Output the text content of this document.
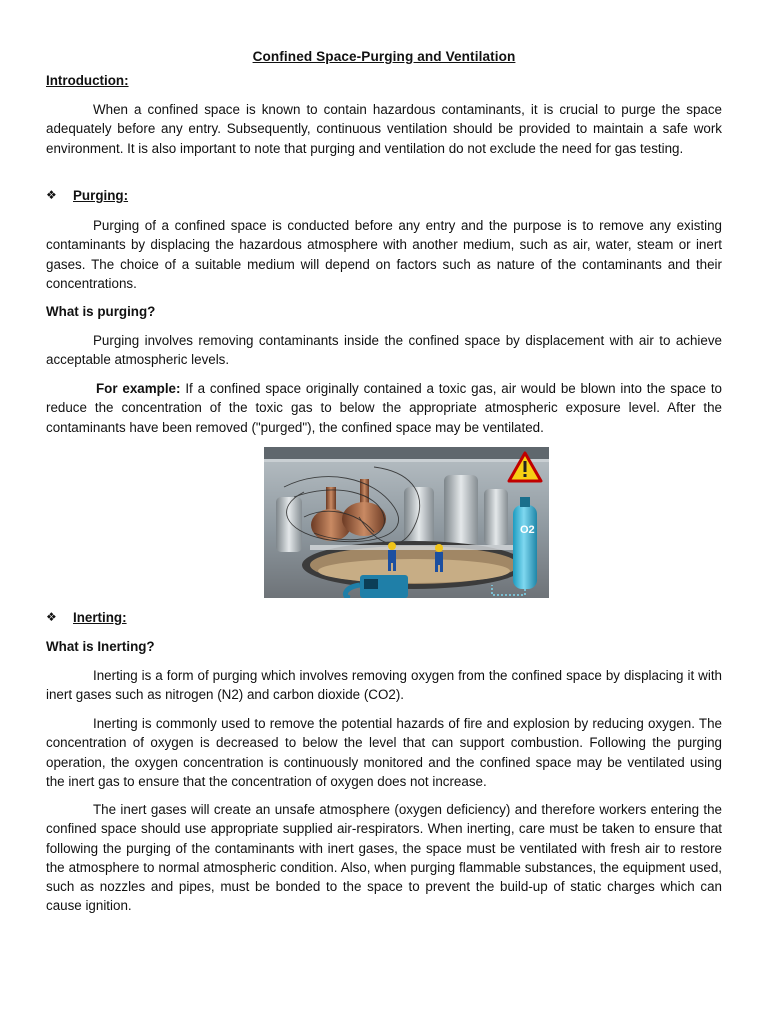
Confined Space-Purging and Ventilation
Introduction:
When a confined space is known to contain hazardous contaminants, it is crucial to purge the space adequately before any entry. Subsequently, continuous ventilation should be provided to maintain a safe work environment. It is also important to note that purging and ventilation do not exclude the need for gas testing.
❖	Purging:
Purging of a confined space is conducted before any entry and the purpose is to remove any existing contaminants by displacing the hazardous atmosphere with another medium, such as air, water, steam or inert gases. The choice of a suitable medium will depend on factors such as nature of the contaminants and their concentrations.
What is purging?
Purging involves removing contaminants inside the confined space by displacement with air to achieve acceptable atmospheric levels.
For example: If a confined space originally contained a toxic gas, air would be blown into the space to reduce the concentration of the toxic gas to below the appropriate atmospheric exposure level. After the contaminants have been removed ("purged"), the confined space may be ventilated.
O2
❖	Inerting:
What is Inerting?
Inerting is a form of purging which involves removing oxygen from the confined space by displacing it with inert gases such as nitrogen (N2) and carbon dioxide (CO2).
Inerting is commonly used to remove the potential hazards of fire and explosion by reducing oxygen. The concentration of oxygen is decreased to below the level that can support combustion. Following the purging operation, the oxygen concentration is continuously monitored and the confined space may be ventilated using the inert gas to ensure that the concentration of oxygen does not increase.
The inert gases will create an unsafe atmosphere (oxygen deficiency) and therefore workers entering the confined space should use appropriate supplied air-respirators. When inerting, care must be taken to ensure that following the purging of the contaminants with inert gases, the space must be ventilated with fresh air to restore the atmosphere to normal atmospheric condition. Also, when purging flammable substances, the equipment used, such as nozzles and pipes, must be bonded to the space to prevent the build-up of static charges which can cause ignition.
